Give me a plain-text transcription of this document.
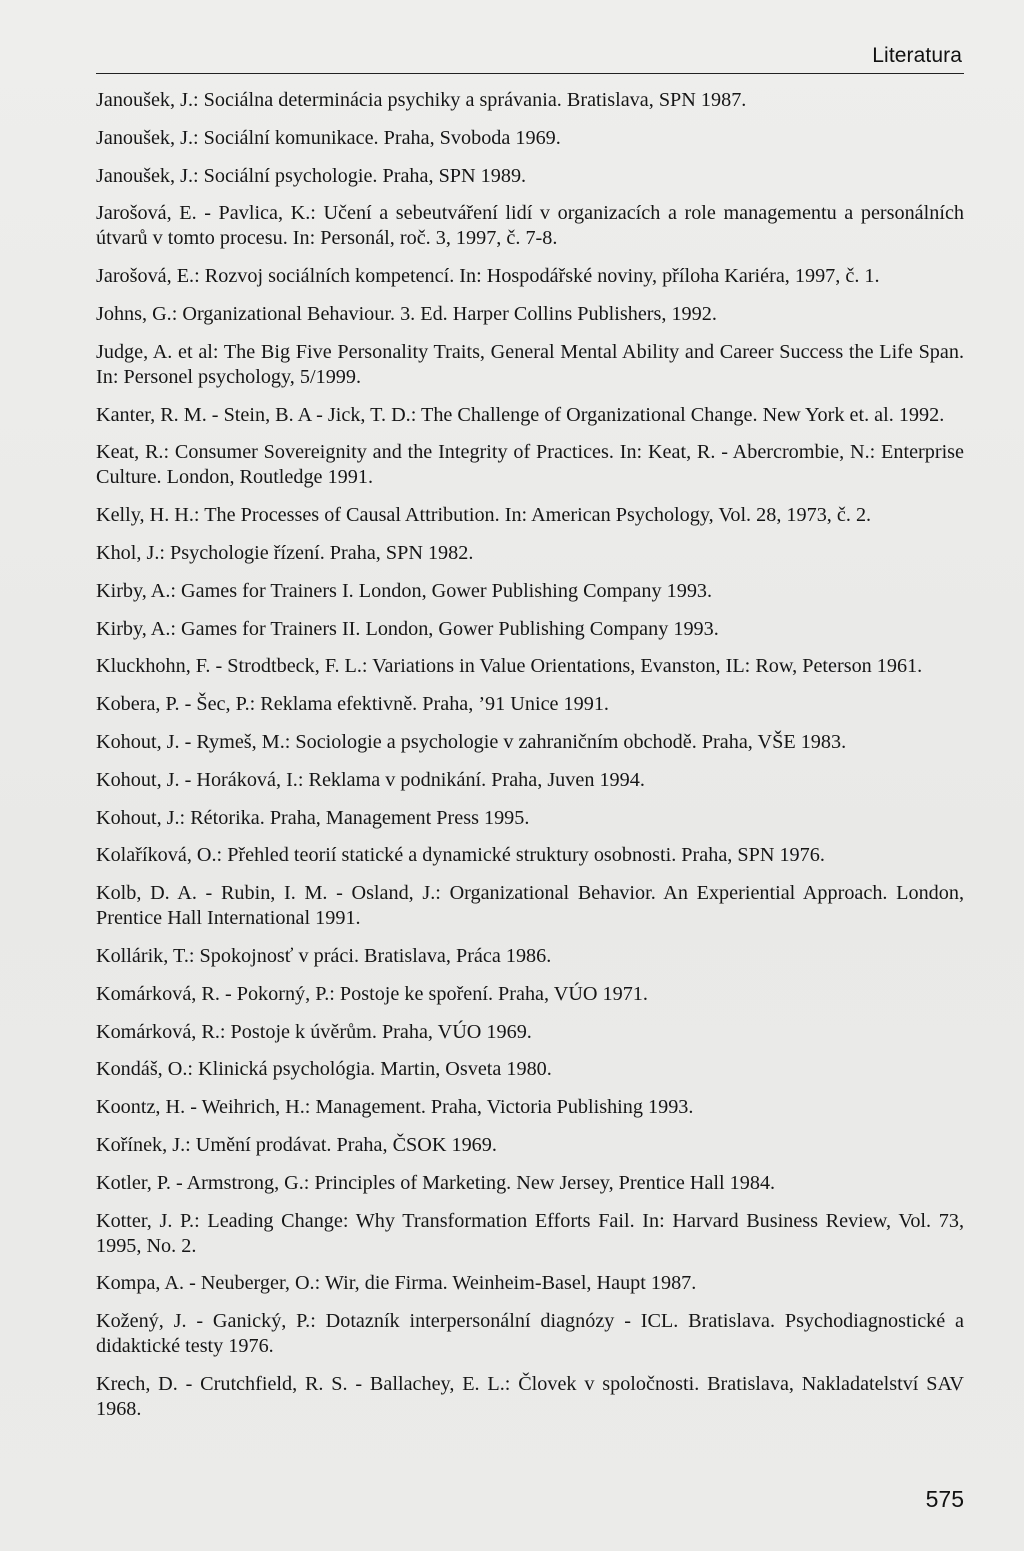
Literatura
Janoušek, J.: Sociálna determinácia psychiky a správania. Bratislava, SPN 1987.
Janoušek, J.: Sociální komunikace. Praha, Svoboda 1969.
Janoušek, J.: Sociální psychologie. Praha, SPN 1989.
Jarošová, E. - Pavlica, K.: Učení a sebeutváření lidí v organizacích a role managementu a personálních útvarů v tomto procesu. In: Personál, roč. 3, 1997, č. 7-8.
Jarošová, E.: Rozvoj sociálních kompetencí. In: Hospodářské noviny, příloha Kariéra, 1997, č. 1.
Johns, G.: Organizational Behaviour. 3. Ed. Harper Collins Publishers, 1992.
Judge, A. et al: The Big Five Personality Traits, General Mental Ability and Career Success the Life Span. In: Personel psychology, 5/1999.
Kanter, R. M. - Stein, B. A - Jick, T. D.: The Challenge of Organizational Change. New York et. al. 1992.
Keat, R.: Consumer Sovereignity and the Integrity of Practices. In: Keat, R. - Abercrombie, N.: Enterprise Culture. London, Routledge 1991.
Kelly, H. H.: The Processes of Causal Attribution. In: American Psychology, Vol. 28, 1973, č. 2.
Khol, J.: Psychologie řízení. Praha, SPN 1982.
Kirby, A.: Games for Trainers I. London, Gower Publishing Company 1993.
Kirby, A.: Games for Trainers II. London, Gower Publishing Company 1993.
Kluckhohn, F. - Strodtbeck, F. L.: Variations in Value Orientations, Evanston, IL: Row, Peterson 1961.
Kobera, P. - Šec, P.: Reklama efektivně. Praha, ’91 Unice 1991.
Kohout, J. - Rymeš, M.: Sociologie a psychologie v zahraničním obchodě. Praha, VŠE 1983.
Kohout, J. - Horáková, I.: Reklama v podnikání. Praha, Juven 1994.
Kohout, J.: Rétorika. Praha, Management Press 1995.
Kolaříková, O.: Přehled teorií statické a dynamické struktury osobnosti. Praha, SPN 1976.
Kolb, D. A. - Rubin, I. M. - Osland, J.: Organizational Behavior. An Experiential Approach. London, Prentice Hall International 1991.
Kollárik, T.: Spokojnosť v práci. Bratislava, Práca 1986.
Komárková, R. - Pokorný, P.: Postoje ke spoření. Praha, VÚO 1971.
Komárková, R.: Postoje k úvěrům. Praha, VÚO 1969.
Kondáš, O.: Klinická psychológia. Martin, Osveta 1980.
Koontz, H. - Weihrich, H.: Management. Praha, Victoria Publishing 1993.
Kořínek, J.: Umění prodávat. Praha, ČSOK 1969.
Kotler, P. - Armstrong, G.: Principles of Marketing. New Jersey, Prentice Hall 1984.
Kotter, J. P.: Leading Change: Why Transformation Efforts Fail. In: Harvard Business Review, Vol. 73, 1995, No. 2.
Kompa, A. - Neuberger, O.: Wir, die Firma. Weinheim-Basel, Haupt 1987.
Kožený, J. - Ganický, P.: Dotazník interpersonální diagnózy - ICL. Bratislava. Psychodiagnostické a didaktické testy 1976.
Krech, D. - Crutchfield, R. S. - Ballachey, E. L.: Človek v spoločnosti. Bratislava, Nakladatelství SAV 1968.
575
